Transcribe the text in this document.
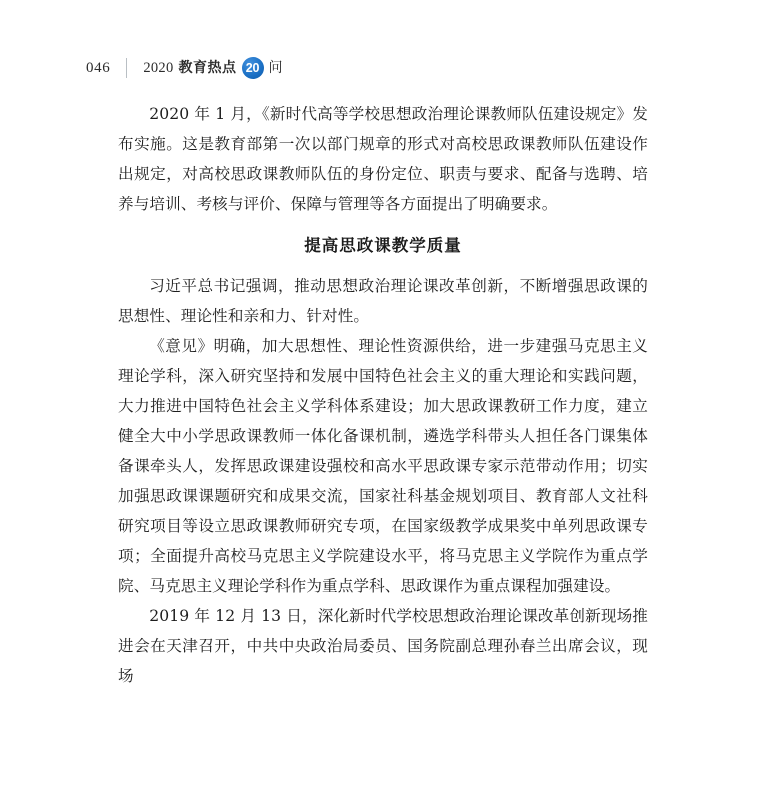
046 2020 教育热点 20 问

2020 年 1 月，《新时代高等学校思想政治理论课教师队伍建设规定》发布实施。这是教育部第一次以部门规章的形式对高校思政课教师队伍建设作出规定，对高校思政课教师队伍的身份定位、职责与要求、配备与选聘、培养与培训、考核与评价、保障与管理等各方面提出了明确要求。

提高思政课教学质量

习近平总书记强调，推动思想政治理论课改革创新，不断增强思政课的思想性、理论性和亲和力、针对性。

《意见》明确，加大思想性、理论性资源供给，进一步建强马克思主义理论学科，深入研究坚持和发展中国特色社会主义的重大理论和实践问题，大力推进中国特色社会主义学科体系建设；加大思政课教研工作力度，建立健全大中小学思政课教师一体化备课机制，遴选学科带头人担任各门课集体备课牵头人，发挥思政课建设强校和高水平思政课专家示范带动作用；切实加强思政课课题研究和成果交流，国家社科基金规划项目、教育部人文社科研究项目等设立思政课教师研究专项，在国家级教学成果奖中单列思政课专项；全面提升高校马克思主义学院建设水平，将马克思主义学院作为重点学院、马克思主义理论学科作为重点学科、思政课作为重点课程加强建设。

2019 年 12 月 13 日，深化新时代学校思想政治理论课改革创新现场推进会在天津召开，中共中央政治局委员、国务院副总理孙春兰出席会议，现场
